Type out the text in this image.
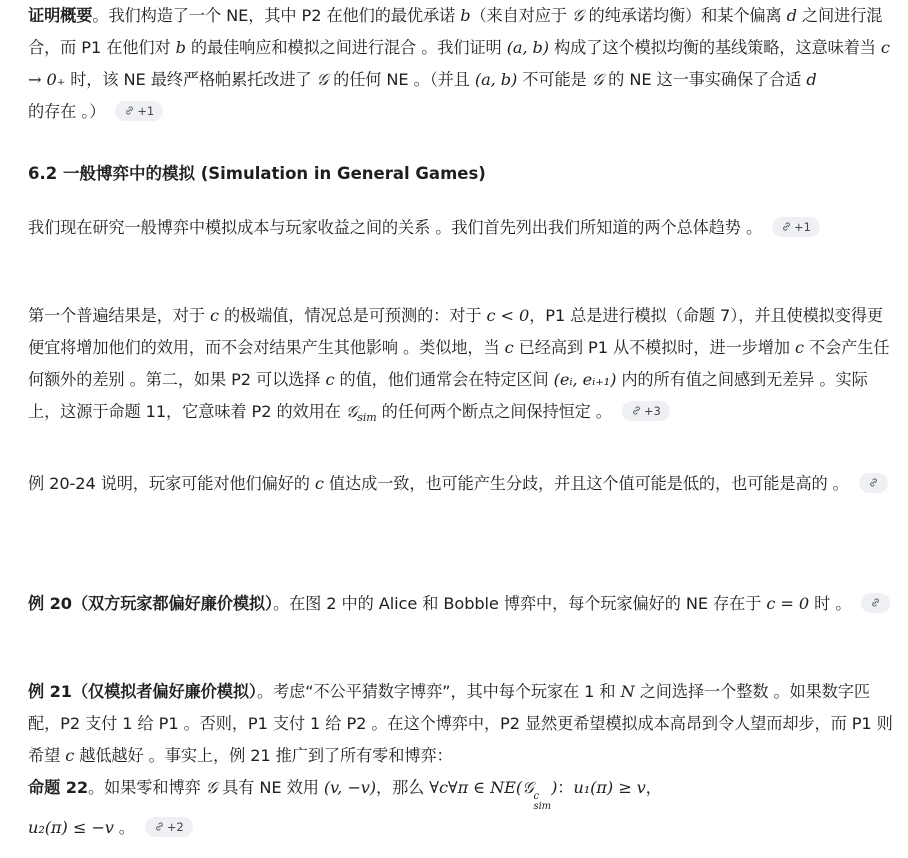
证明概要。我们构造了一个 NE，其中 P2 在他们的最优承诺 b（来自对应于 𝒢 的纯承诺均衡）和某个偏离 d 之间进行混合，而 P1 在他们对 b 的最佳响应和模拟之间进行混合 。我们证明 (a, b) 构成了这个模拟均衡的基线策略，这意味着当 c → 0₊ 时，该 NE 最终严格帕累托改进了 𝒢 的任何 NE 。（并且 (a, b) 不可能是 𝒢 的 NE 这一事实确保了合适 d 的存在 。）	+1

6.2 一般博弈中的模拟 (Simulation in General Games)

我们现在研究一般博弈中模拟成本与玩家收益之间的关系 。我们首先列出我们所知道的两个总体趋势 。	+1

第一个普遍结果是，对于 c 的极端值，情况总是可预测的：对于 c < 0，P1 总是进行模拟（命题 7），并且使模拟变得更便宜将增加他们的效用，而不会对结果产生其他影响 。类似地，当 c 已经高到 P1 从不模拟时，进一步增加 c 不会产生任何额外的差别 。第二，如果 P2 可以选择 c 的值，他们通常会在特定区间 (eᵢ, eᵢ₊₁) 内的所有值之间感到无差异 。实际上，这源于命题 11，它意味着 P2 的效用在 𝒢$_{sim}$ 的任何两个断点之间保持恒定 。	+3

例 20-24 说明，玩家可能对他们偏好的 c 值达成一致，也可能产生分歧，并且这个值可能是低的，也可能是高的 。

例 20（双方玩家都偏好廉价模拟）。在图 2 中的 Alice 和 Bobble 博弈中，每个玩家偏好的 NE 存在于 c = 0 时 。

例 21（仅模拟者偏好廉价模拟）。考虑“不公平猜数字博弈”，其中每个玩家在 1 和 N 之间选择一个整数 。如果数字匹配，P2 支付 1 给 P1 。否则，P1 支付 1 给 P2 。在这个博弈中，P2 显然更希望模拟成本高昂到令人望而却步，而 P1 则希望 c 越低越好 。事实上，例 21 推广到了所有零和博弈：
命题 22。如果零和博弈 𝒢 具有 NE 效用 (v, −v)，那么 ∀c∀π ∈ NE(𝒢 c
sim
)：u₁(π) ≥ v，
u₂(π) ≤ −v 。	+2
